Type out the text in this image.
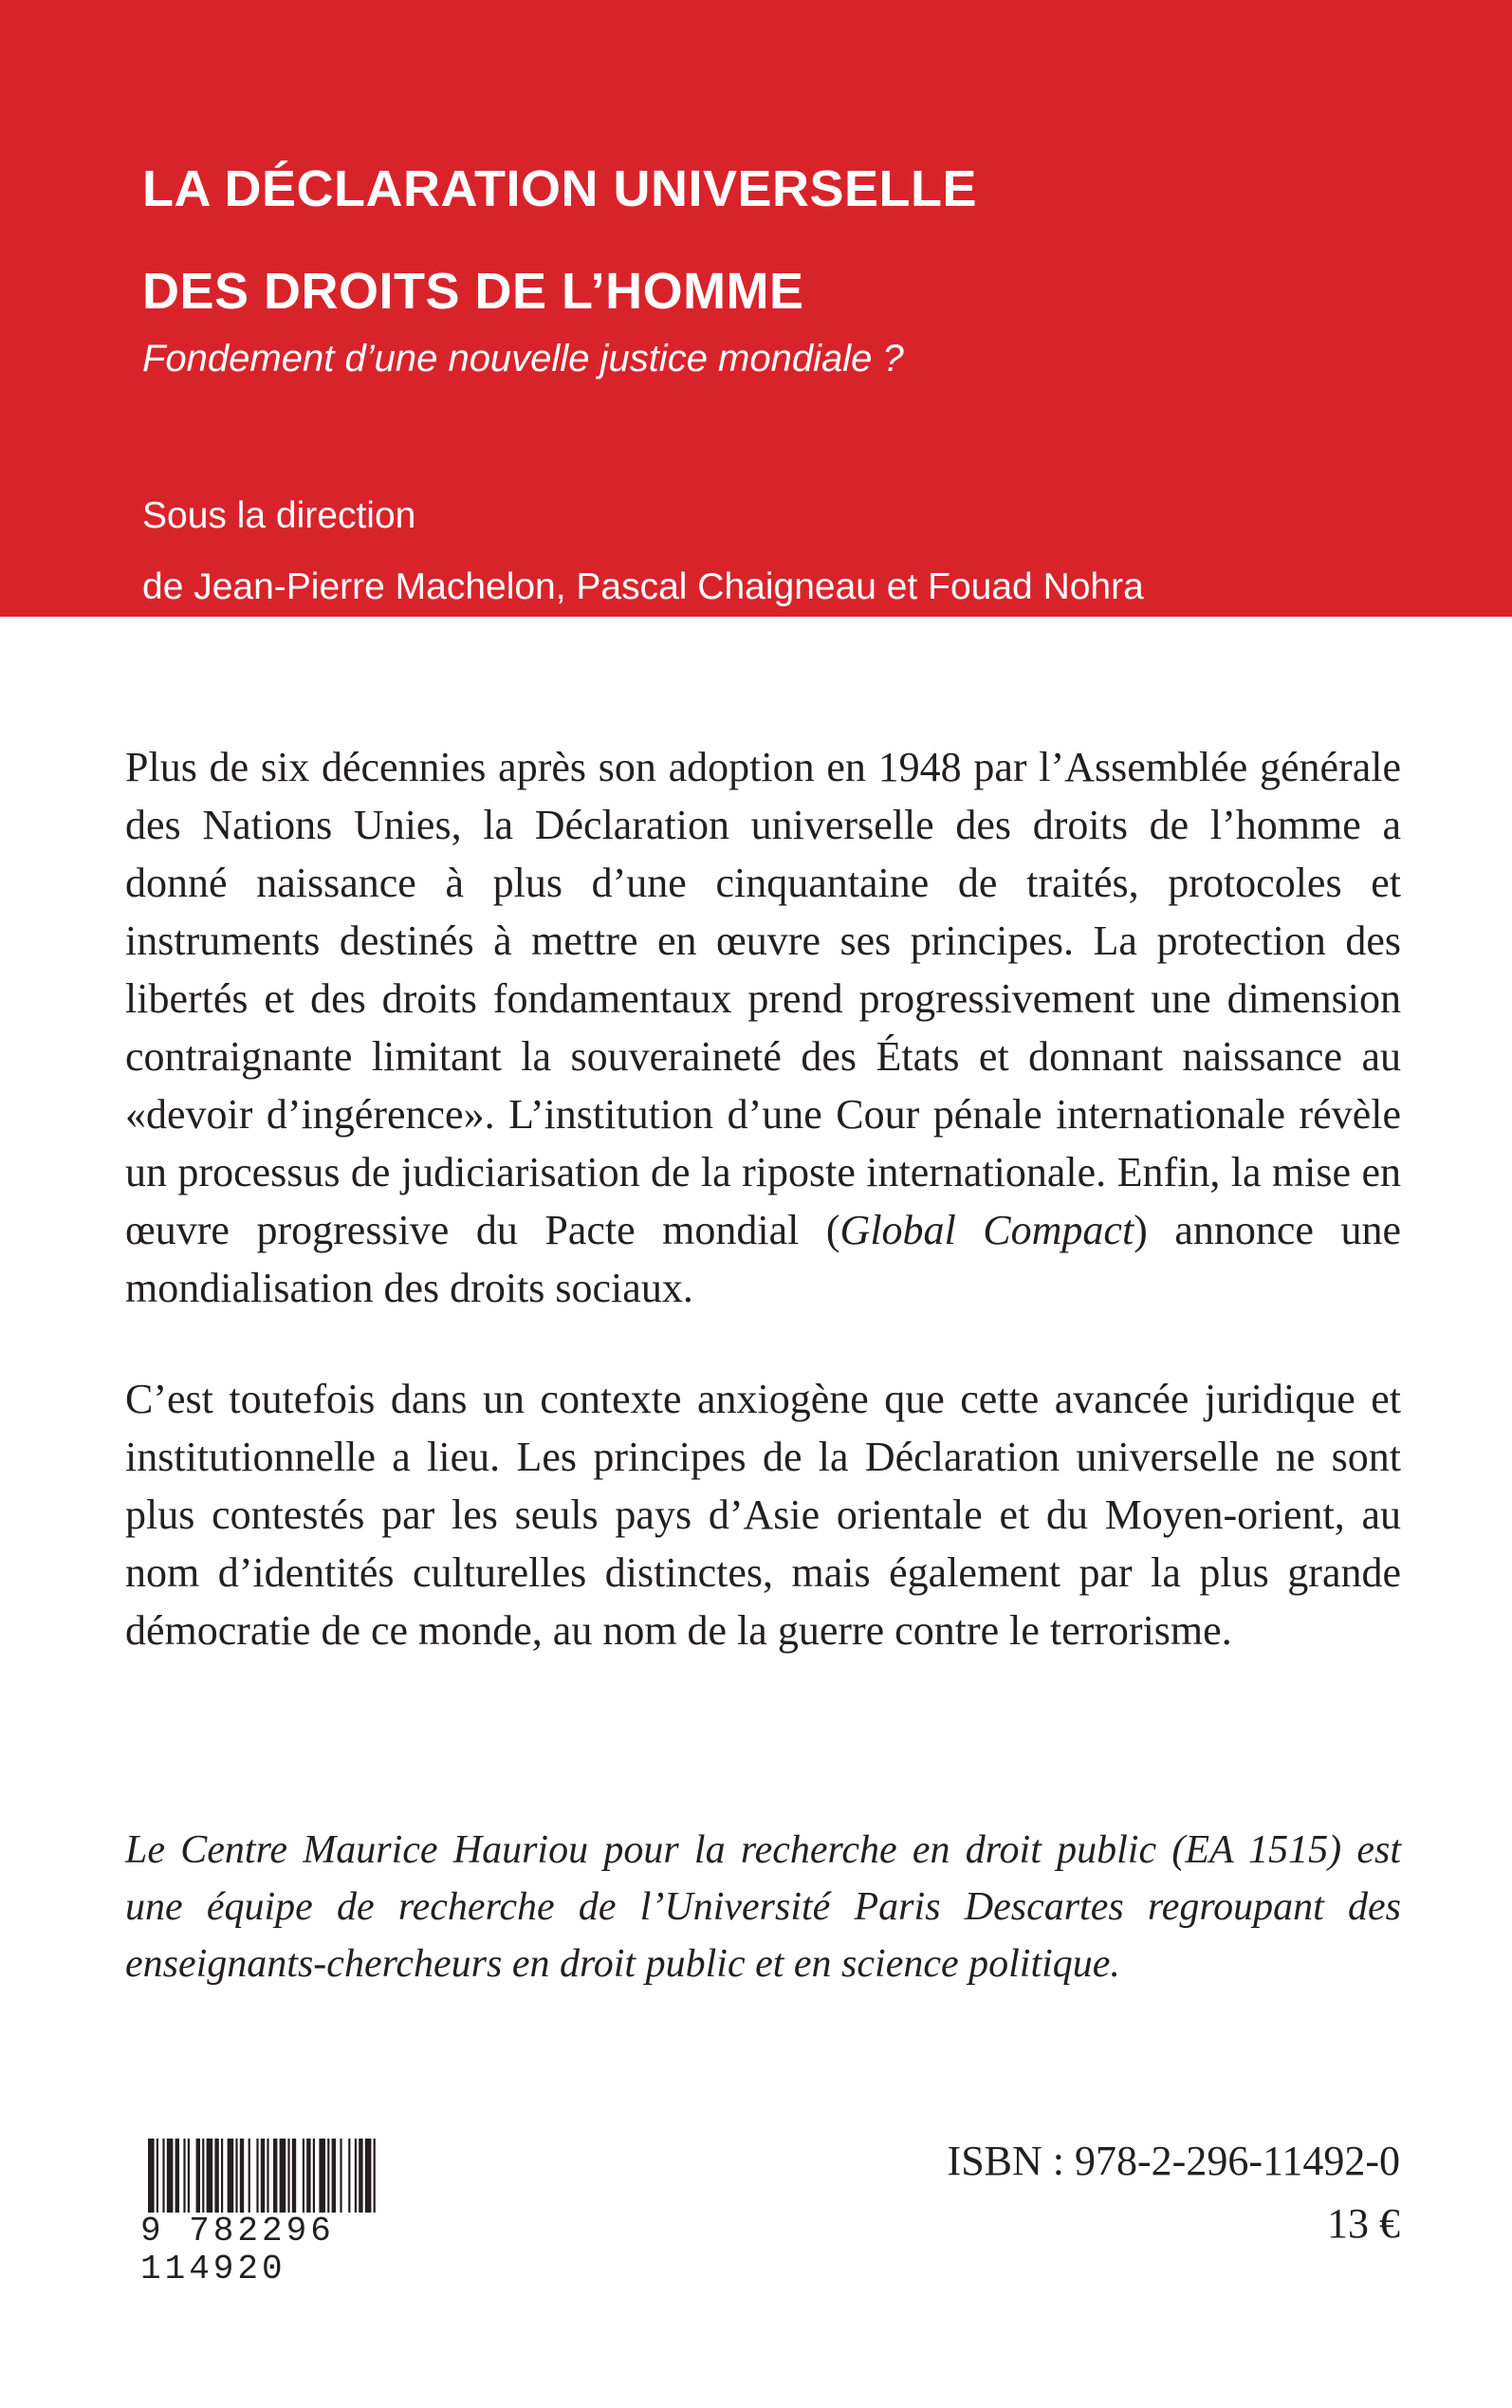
LA DÉCLARATION UNIVERSELLE
DES DROITS DE L’HOMME
Fondement d’une nouvelle justice mondiale ?
Sous la direction
de Jean-Pierre Machelon, Pascal Chaigneau et Fouad Nohra

Plus de six décennies après son adoption en 1948 par l’Assemblée générale des Nations Unies, la Déclaration universelle des droits de l’homme a donné naissance à plus d’une cinquantaine de traités, protocoles et instruments destinés à mettre en œuvre ses principes. La protection des libertés et des droits fondamentaux prend progressivement une dimension contraignante limitant la souveraineté des États et donnant naissance au «devoir d’ingérence». L’institution d’une Cour pénale internationale révèle un processus de judiciarisation de la riposte internationale. Enfin, la mise en œuvre progressive du Pacte mondial (Global Compact) annonce une mondialisation des droits sociaux.

C’est toutefois dans un contexte anxiogène que cette avancée juridique et institutionnelle a lieu. Les principes de la Déclaration universelle ne sont plus contestés par les seuls pays d’Asie orientale et du Moyen-orient, au nom d’identités culturelles distinctes, mais également par la plus grande démocratie de ce monde, au nom de la guerre contre le terrorisme.

Le Centre Maurice Hauriou pour la recherche en droit public (EA 1515) est une équipe de recherche de l’Université Paris Descartes regroupant des enseignants-chercheurs en droit public et en science politique.

9 782296 114920
ISBN : 978-2-296-11492-0
13 €
